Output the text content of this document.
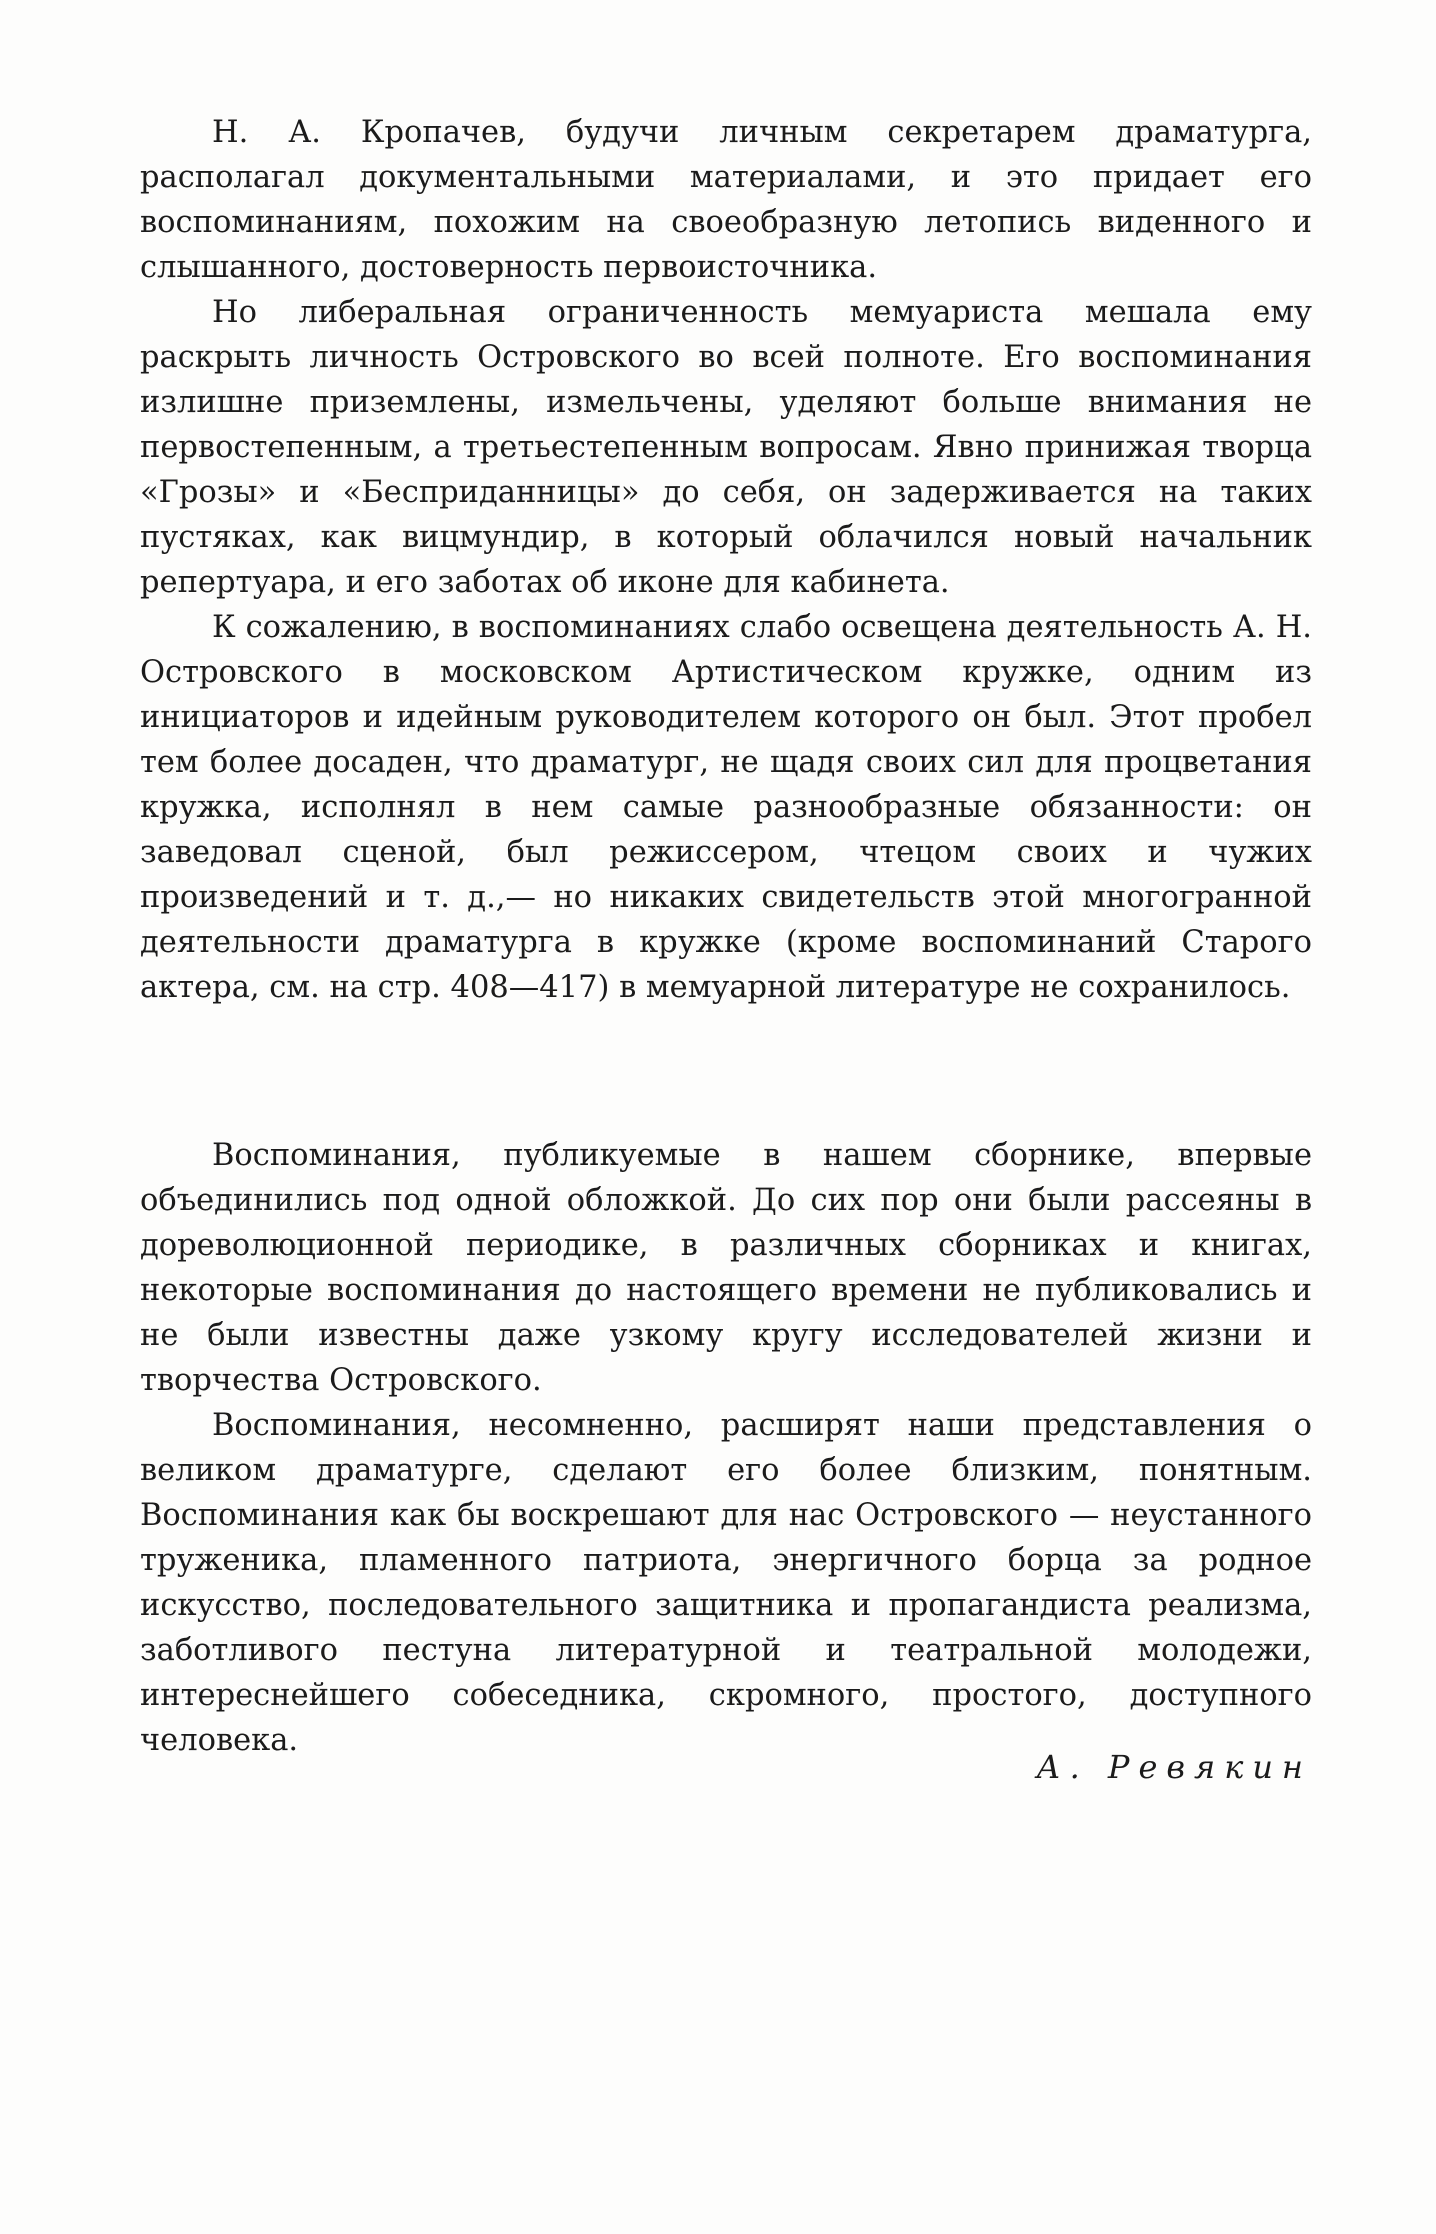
Н. А. Кропачев, будучи личным секретарем драматурга, располагал документальными материалами, и это придает его воспоминаниям, похожим на своеобразную летопись виденного и слышанного, достоверность первоисточника.

Но либеральная ограниченность мемуариста мешала ему раскрыть личность Островского во всей полноте. Его воспоминания излишне приземлены, измельчены, уделяют больше внимания не первостепенным, а третьестепенным вопросам. Явно принижая творца «Грозы» и «Бесприданницы» до себя, он задерживается на таких пустяках, как вицмундир, в который облачился новый начальник репертуара, и его заботах об иконе для кабинета.

К сожалению, в воспоминаниях слабо освещена деятельность А. Н. Островского в московском Артистическом кружке, одним из инициаторов и идейным руководителем которого он был. Этот пробел тем более досаден, что драматург, не щадя своих сил для процветания кружка, исполнял в нем самые разнообразные обязанности: он заведовал сценой, был режиссером, чтецом своих и чужих произведений и т. д.,— но никаких свидетельств этой многогранной деятельности драматурга в кружке (кроме воспоминаний Старого актера, см. на стр. 408—417) в мемуарной литературе не сохранилось.

Воспоминания, публикуемые в нашем сборнике, впервые объединились под одной обложкой. До сих пор они были рассеяны в дореволюционной периодике, в различных сборниках и книгах, некоторые воспоминания до настоящего времени не публиковались и не были известны даже узкому кругу исследователей жизни и творчества Островского.

Воспоминания, несомненно, расширят наши представления о великом драматурге, сделают его более близким, понятным. Воспоминания как бы воскрешают для нас Островского — неустанного труженика, пламенного патриота, энергичного борца за родное искусство, последовательного защитника и пропагандиста реализма, заботливого пестуна литературной и театральной молодежи, интереснейшего собеседника, скромного, простого, доступного человека.

А. Ревякин
